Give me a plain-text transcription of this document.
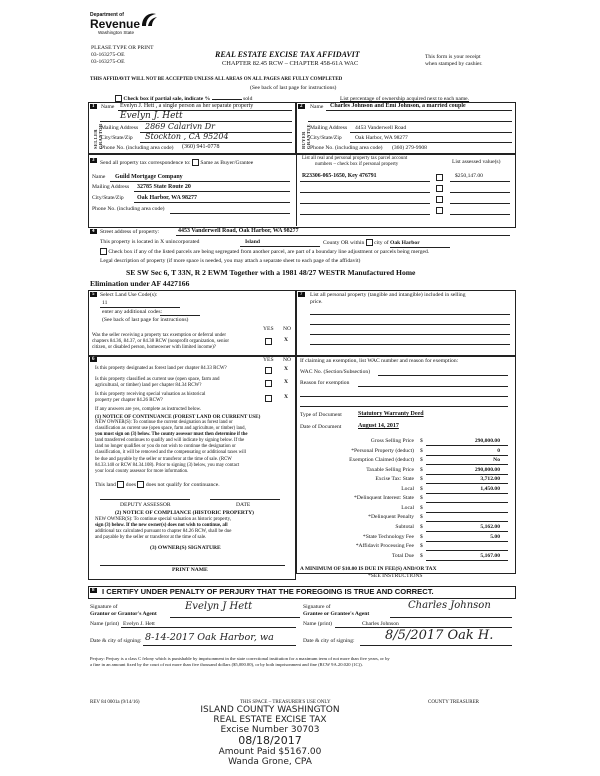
Department of
Revenue
Washington State
PLEASE TYPE OR PRINT
03-163275-OE
03-163275-OE
REAL ESTATE EXCISE TAX AFFIDAVIT
CHAPTER 82.45 RCW – CHAPTER 458-61A WAC
This form is your receipt
when stamped by cashier.
THIS AFFIDAVIT WILL NOT BE ACCEPTED UNLESS ALL AREAS ON ALL PAGES ARE FULLY COMPLETED
(See back of last page for instructions)
Check box if partial sale, indicate %	sold	List percentage of ownership acquired next to each name.
1
SELLER GRANTOR
Name Evelyn J. Hett , a single person as her separate property
Evelyn J. Hett
Mailing Address 2869 Calarivn Dr
City/State/Zip Stockton , CA 95204
Phone No. (including area code) (360) 941-0778
2
BUYER GRANTEE
Name Charles Johnson and Emi Johnson, a married couple
Mailing Address 4453 Vanderwell Road
City/State/Zip Oak Harbor, WA 98277
Phone No. (including area code) (360) 279-9908
3 Send all property tax correspondence to: Same as Buyer/Grantee
List all real and personal property tax parcel account
numbers – check box if personal property	List assessed value(s)
Name Guild Mortgage Company
Mailing Address 32785 State Route 20
City/State/Zip Oak Harbor, WA 98277
Phone No. (including area code)
R23306-065-1650, Key 476791	$250,147.00
4 Street address of property:	4453 Vanderwell Road, Oak Harbor, WA 98277
This property is located in X unincorporated	Island	County OR within city of Oak Harbor
Check box if any of the listed parcels are being segregated from another parcel, are part of a boundary line adjustment or parcels being merged.
Legal description of property (if more space is needed, you may attach a separate sheet to each page of the affidavit)
SE SW Sec 6, T 33N, R 2 EWM Together with a 1981 48/27 WESTR Manufactured Home
Elimination under AF 4427166
5 Select Land Use Code(s):
11
enter any additional codes:
(See back of last page for instructions)
YES NO
Was the seller receiving a property tax exemption or deferral under
chapters 84.36, 84.37, or 84.38 RCW (nonprofit organization, senior
citizen, or disabled person, homeowner with limited income)?
X
7	List all personal property (tangible and intangible) included in selling
price.
6	YES NO
Is this property designated as forest land per chapter 84.33 RCW?	X
Is this property classified as current use (open space, farm and
agricultural, or timber) land per chapter 84.34 RCW?
X
Is this property receiving special valuation as historical
property per chapter 84.26 RCW?
X
If any answers are yes, complete as instructed below.
(1) NOTICE OF CONTINUANCE (FOREST LAND OR CURRENT USE)
NEW OWNER(S): To continue the current designation as forest land or
classification as current use (open space, farm and agriculture, or timber) land,
you must sign on (3) below. The county assessor must then determine if the
land transferred continues to qualify and will indicate by signing below. If the
land no longer qualifies or you do not wish to continue the designation or
classification, it will be removed and the compensating or additional taxes will
be due and payable by the seller or transferor at the time of sale. (RCW
84.33.140 or RCW 84.34.108). Prior to signing (3) below, you may contact
your local county assessor for more information.
This land does does not qualify for continuance.
DEPUTY ASSESSOR	DATE
(2) NOTICE OF COMPLIANCE (HISTORIC PROPERTY)
NEW OWNER(S): To continue special valuation as historic property,
sign (3) below. If the new owner(s) does not wish to continue, all
additional tax calculated pursuant to chapter 84.26 RCW, shall be due
and payable by the seller or transferor at the time of sale.
(3) OWNER(S) SIGNATURE
PRINT NAME
If claiming an exemption, list WAC number and reason for exemption:
WAC No. (Section/Subsection)
Reason for exemption
Type of Document	Statutory Warranty Deed
Date of Document	August 14, 2017
Gross Selling Price $	290,000.00
*Personal Property (deduct) $	0
Exemption Claimed (deduct) $	No
Taxable Selling Price $	290,000.00
Excise Tax: State $	3,712.00
Local $	1,450.00
*Delinquent Interest: State $
Local $
*Delinquent Penalty $
Subtotal $	5,162.00
*State Technology Fee $	5.00
*Affidavit Processing Fee $
Total Due $	5,167.00
A MINIMUM OF $10.00 IS DUE IN FEE(S) AND/OR TAX
*SEE INSTRUCTIONS
8 I CERTIFY UNDER PENALTY OF PERJURY THAT THE FOREGOING IS TRUE AND CORRECT.
Signature of
Grantor or Grantor's Agent
Evelyn J Hett	Signature of
Grantee or Grantee's Agent
Charles Johnson
Name (print) Evelyn J. Hett	Name (print)	Charles Johnson
Date & city of signing: 8-14-2017 Oak Harbor, wa	Date & city of signing: 8/5/2017 Oak H.
Perjury: Perjury is a class C felony which is punishable by imprisonment in the state correctional institution for a maximum term of not more than five years, or by
a fine in an amount fixed by the court of not more than five thousand dollars ($5,000.00), or by both imprisonment and fine (RCW 9A.20.020 (1C)).
REV 84 0001a (9/14/16)	THIS SPACE – TREASURER'S USE ONLY	COUNTY TREASURER
ISLAND COUNTY WASHINGTON
REAL ESTATE EXCISE TAX
Excise Number 30703
08/18/2017
Amount Paid $5167.00
Wanda Grone, CPA
